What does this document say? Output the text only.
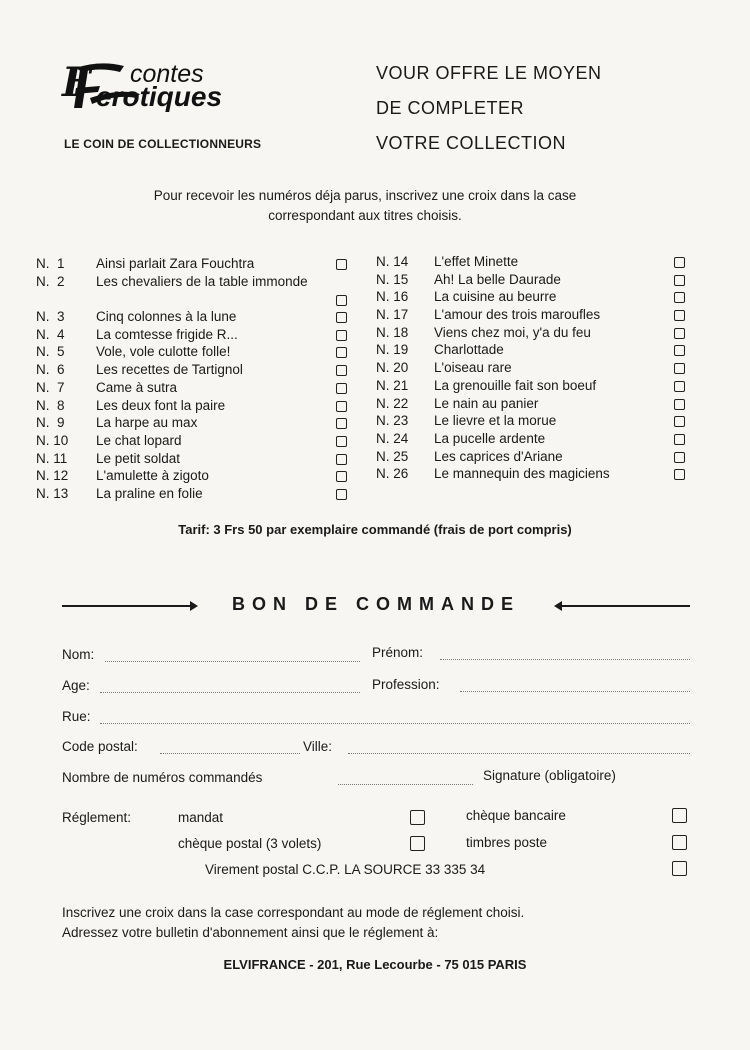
F contes
erotiques
LE COIN DE COLLECTIONNEURS
VOUR OFFRE LE MOYEN
DE COMPLETER
VOTRE COLLECTION
Pour recevoir les numéros déja parus, inscrivez une croix dans la case
correspondant aux titres choisis.
N.  1	Ainsi parlait Zara Fouchtra
N.  2	Les chevaliers de la table immonde
N.  3	Cinq colonnes à la lune
N.  4	La comtesse frigide R...
N.  5	Vole, vole culotte folle!
N.  6	Les recettes de Tartignol
N.  7	Came à sutra
N.  8	Les deux font la paire
N.  9	La harpe au max
N. 10	Le chat lopard
N. 11	Le petit soldat
N. 12	L'amulette à zigoto
N. 13	La praline en folie
N. 14	L'effet Minette
N. 15	Ah! La belle Daurade
N. 16	La cuisine au beurre
N. 17	L'amour des trois maroufles
N. 18	Viens chez moi, y'a du feu
N. 19	Charlottade
N. 20	L'oiseau rare
N. 21	La grenouille fait son boeuf
N. 22	Le nain au panier
N. 23	Le lievre et la morue
N. 24	La pucelle ardente
N. 25	Les caprices d'Ariane
N. 26	Le mannequin des magiciens
Tarif: 3 Frs 50 par exemplaire commandé (frais de port compris)
BON DE COMMANDE
Nom:	Prénom:
Age:	Profession:
Rue:
Code postal:	Ville:
Nombre de numéros commandés	Signature (obligatoire)
Réglement:	mandat	chèque bancaire
chèque postal (3 volets)	timbres poste
Virement postal C.C.P. LA SOURCE 33 335 34
Inscrivez une croix dans la case correspondant au mode de réglement choisi.
Adressez votre bulletin d'abonnement ainsi que le réglement à:
ELVIFRANCE - 201, Rue Lecourbe - 75 015 PARIS
